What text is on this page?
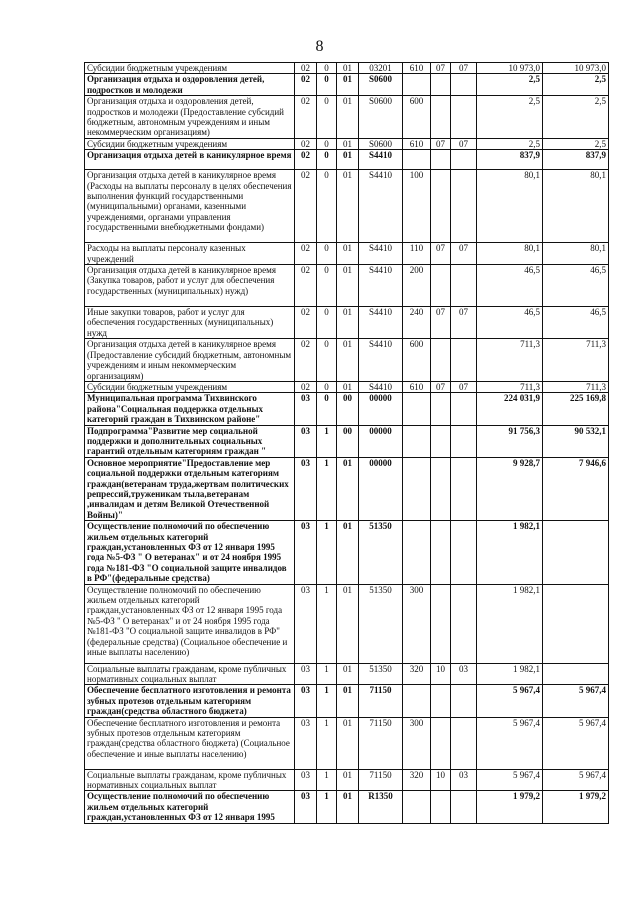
8
Субсидии бюджетным учреждениям	02	0	01	03201	610	07	07	10 973,0	10 973,0
Организация отдыха и оздоровления детей, подростков и молодежи	02	0	01	S0600				2,5	2,5
Организация отдыха и оздоровления детей, подростков и молодежи (Предоставление субсидий бюджетным, автономным учреждениям и иным некоммерческим организациям)	02	0	01	S0600	600			2,5	2,5
Субсидии бюджетным учреждениям	02	0	01	S0600	610	07	07	2,5	2,5
Организация отдыха детей в каникулярное время	02	0	01	S4410				837,9	837,9
Организация отдыха детей в каникулярное время (Расходы на выплаты персоналу в целях обеспечения выполнения функций государственными (муниципальными) органами, казенными учреждениями, органами управления государственными внебюджетными фондами)	02	0	01	S4410	100			80,1	80,1
Расходы на выплаты персоналу казенных учреждений	02	0	01	S4410	110	07	07	80,1	80,1
Организация отдыха детей в каникулярное время (Закупка товаров, работ и услуг для обеспечения государственных (муниципальных) нужд)	02	0	01	S4410	200			46,5	46,5
Иные закупки товаров, работ и услуг для обеспечения государственных (муниципальных) нужд	02	0	01	S4410	240	07	07	46,5	46,5
Организация отдыха детей в каникулярное время (Предоставление субсидий бюджетным, автономным учреждениям и иным некоммерческим организациям)	02	0	01	S4410	600			711,3	711,3
Субсидии бюджетным учреждениям	02	0	01	S4410	610	07	07	711,3	711,3
Муниципальная программа Тихвинского района"Социальная поддержка отдельных категорий граждан в Тихвинском районе"	03	0	00	00000				224 031,9	225 169,8
Подпрограмма"Развитие мер социальной поддержки и дополнительных социальных гарантий отдельным категориям граждан "	03	1	00	00000				91 756,3	90 532,1
Основное мероприятие"Предоставление мер социальной поддержки отдельным категориям граждан(ветеранам труда,жертвам политических репрессий,труженикам тыла,ветеранам ,инвалидам и детям Великой Отечественной Войны)"	03	1	01	00000				9 928,7	7 946,6
Осуществление полномочий по обеспечению жильем отдельных категорий граждан,установленных ФЗ от 12 января 1995 года №5-ФЗ " О ветеранах" и от 24 ноября 1995 года №181-ФЗ "О социальной защите инвалидов в РФ"(федеральные средства)	03	1	01	51350				1 982,1	
Осуществление полномочий по обеспечению жильем отдельных категорий граждан,установленных ФЗ от 12 января 1995 года №5-ФЗ " О ветеранах" и от 24 ноября 1995 года №181-ФЗ "О социальной защите инвалидов в РФ"(федеральные средства) (Социальное обеспечение и иные выплаты населению)	03	1	01	51350	300			1 982,1	
Социальные выплаты гражданам, кроме публичных нормативных социальных выплат	03	1	01	51350	320	10	03	1 982,1	
Обеспечение бесплатного изготовления и ремонта зубных протезов отдельным категориям граждан(средства областного бюджета)	03	1	01	71150				5 967,4	5 967,4
Обеспечение бесплатного изготовления и ремонта зубных протезов отдельным категориям граждан(средства областного бюджета) (Социальное обеспечение и иные выплаты населению)	03	1	01	71150	300			5 967,4	5 967,4
Социальные выплаты гражданам, кроме публичных нормативных социальных выплат	03	1	01	71150	320	10	03	5 967,4	5 967,4
Осуществление полномочий по обеспечению жильем отдельных категорий граждан,установленных ФЗ от 12 января 1995	03	1	01	R1350				1 979,2	1 979,2
